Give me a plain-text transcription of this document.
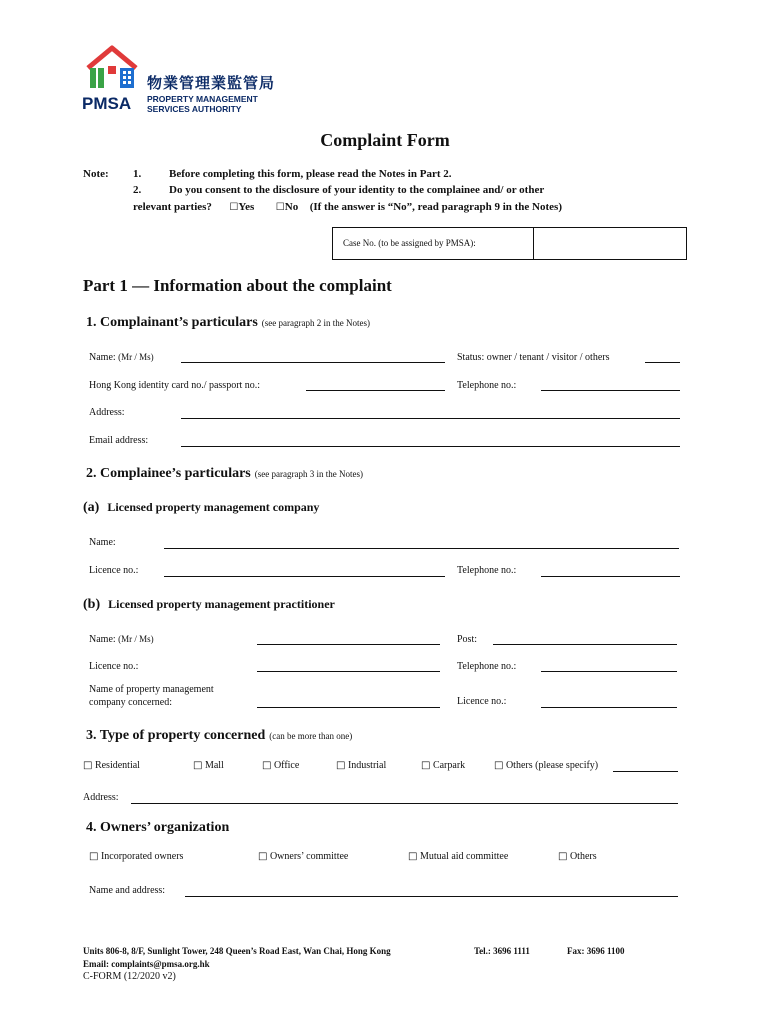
物業管理業監管局
PMSA PROPERTY MANAGEMENT
SERVICES AUTHORITY
Complaint Form
Note: 1.	Before completing this form, please read the Notes in Part 2.
2.	Do you consent to the disclosure of your identity to the complainee and/ or other
relevant parties? ☐Yes ☐No (If the answer is “No”, read paragraph 9 in the Notes)
Case No. (to be assigned by PMSA):
Part 1 — Information about the complaint
1. Complainant’s particulars (see paragraph 2 in the Notes)
Name: (Mr / Ms)	Status: owner / tenant / visitor / others
Hong Kong identity card no./ passport no.:	Telephone no.:
Address:
Email address:
2. Complainee’s particulars (see paragraph 3 in the Notes)
(a) Licensed property management company
Name:
Licence no.:	Telephone no.:
(b) Licensed property management practitioner
Name: (Mr / Ms)	Post:
Licence no.:	Telephone no.:
Name of property management
company concerned:	Licence no.:
3. Type of property concerned (can be more than one)
□ Residential	□ Mall	□ Office	□ Industrial	□ Carpark	□ Others (please specify)
Address:
4. Owners’ organization
□ Incorporated owners	□ Owners’ committee	□ Mutual aid committee	□ Others
Name and address:
Units 806-8, 8/F, Sunlight Tower, 248 Queen’s Road East, Wan Chai, Hong Kong	Tel.: 3696 1111	Fax: 3696 1100
Email: complaints@pmsa.org.hk
C-FORM (12/2020 v2)
